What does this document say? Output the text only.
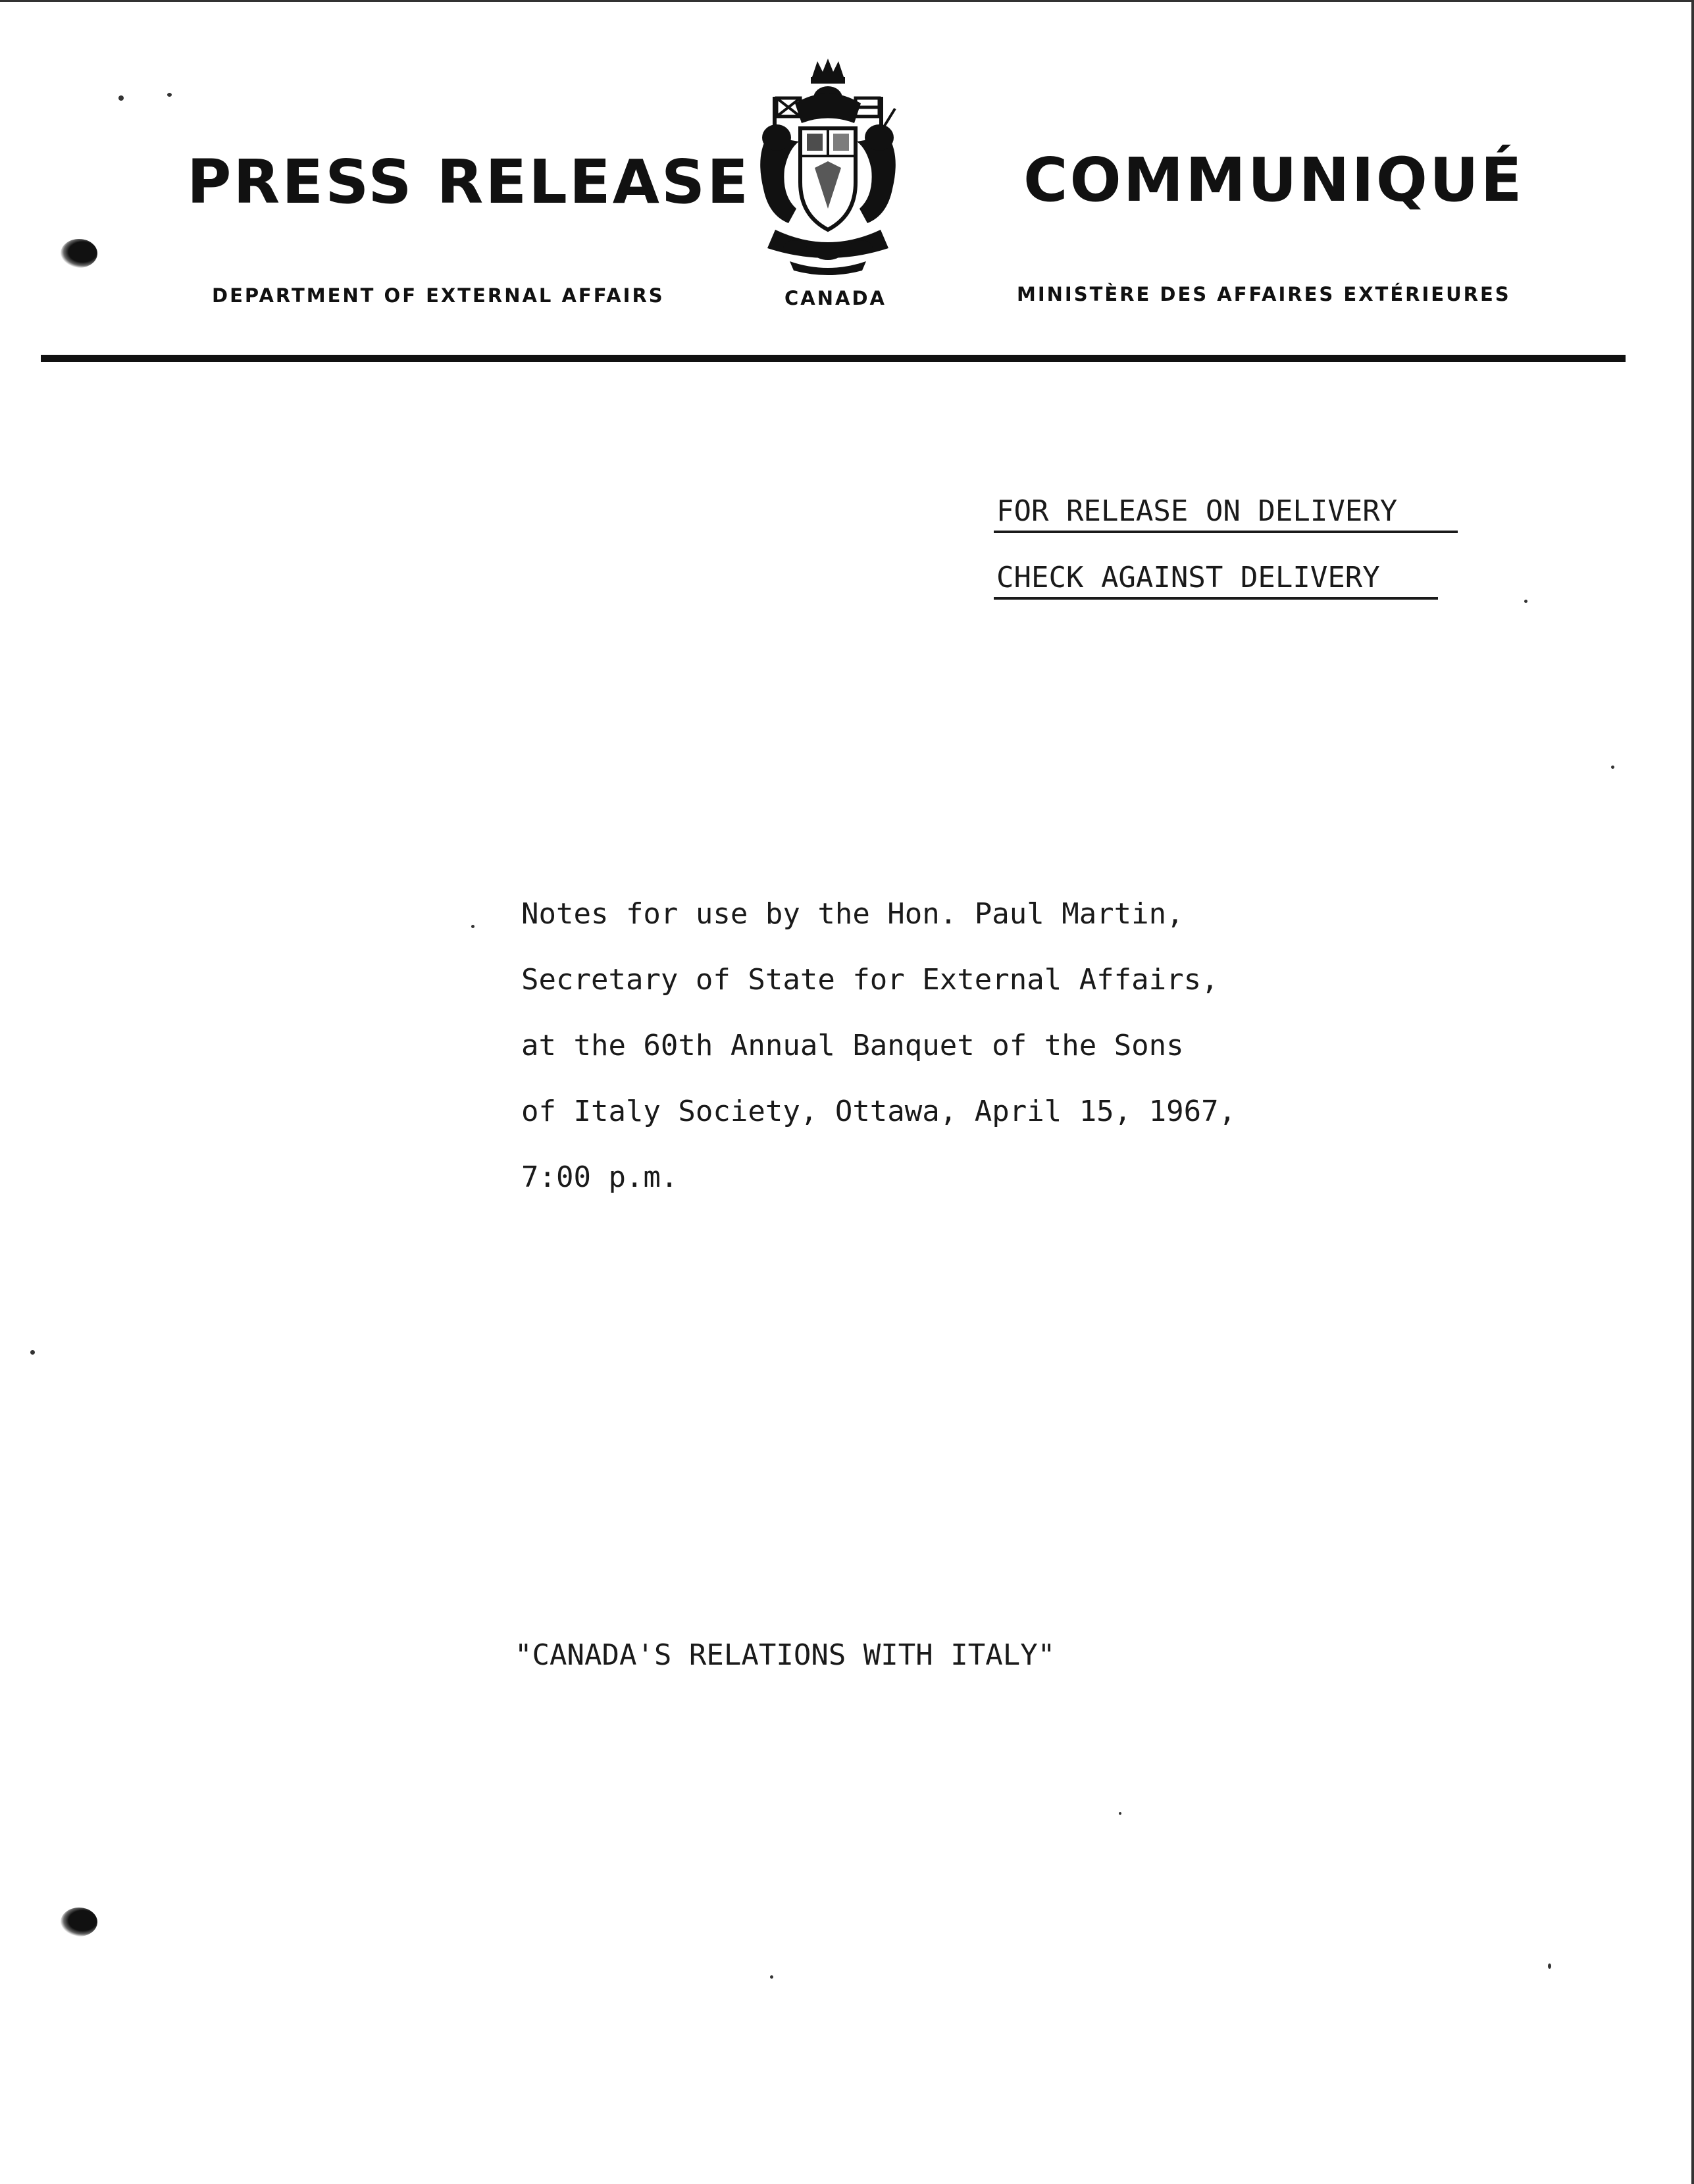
PRESS RELEASE	COMMUNIQUÉ
DEPARTMENT OF EXTERNAL AFFAIRS	CANADA	MINISTÈRE DES AFFAIRES EXTÉRIEURES
FOR RELEASE ON DELIVERY
CHECK AGAINST DELIVERY
Notes for use by the Hon. Paul Martin,
Secretary of State for External Affairs,
at the 60th Annual Banquet of the Sons
of Italy Society, Ottawa, April 15, 1967,
7:00 p.m.
"CANADA'S RELATIONS WITH ITALY"
